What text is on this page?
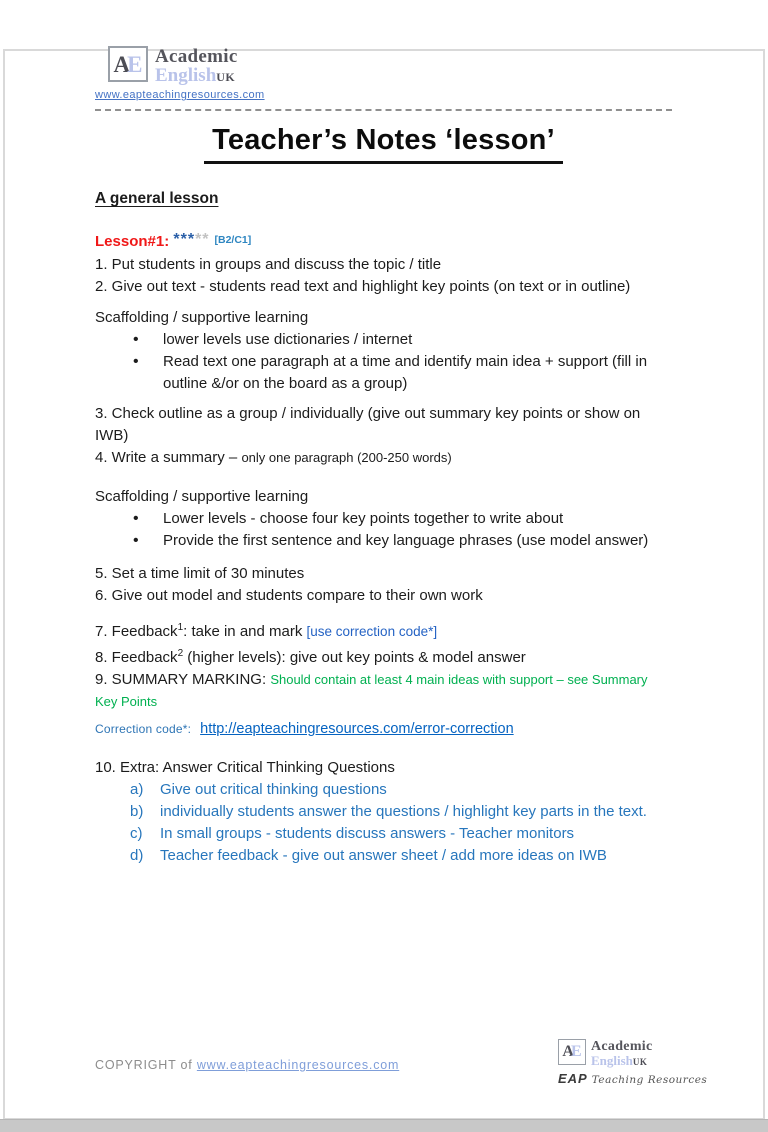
A
E Academic
EnglishUK
www.eapteachingresources.com
Teacher’s Notes ‘lesson’
A general lesson
Lesson#1: ***** [B2/C1]
1. Put students in groups and discuss the topic / title
2. Give out text - students read text and highlight key points (on text or in outline)
Scaffolding / supportive learning
•
lower levels use dictionaries / internet
•
Read text one paragraph at a time and identify main idea + support (fill in outline &/or on the board as a group)
3. Check outline as a group / individually (give out summary key points or show on IWB)
4. Write a summary – only one paragraph (200-250 words)
Scaffolding / supportive learning
•
Lower levels - choose four key points together to write about
•
Provide the first sentence and key language phrases (use model answer)
5. Set a time limit of 30 minutes
6. Give out model and students compare to their own work
7. Feedback$^1$: take in and mark [use correction code*]
8. Feedback$^2$ (higher levels): give out key points & model answer
9. SUMMARY MARKING: Should contain at least 4 main ideas with support – see Summary Key Points
Correction code*: http://eapteachingresources.com/error-correction
10. Extra: Answer Critical Thinking Questions
a)	Give out critical thinking questions
b)	individually students answer the questions / highlight key parts in the text.
c)	In small groups - students discuss answers - Teacher monitors
d)	Teacher feedback - give out answer sheet / add more ideas on IWB
COPYRIGHT of www.eapteachingresources.com
A
E Academic
EnglishUK
EAP Teaching Resources
